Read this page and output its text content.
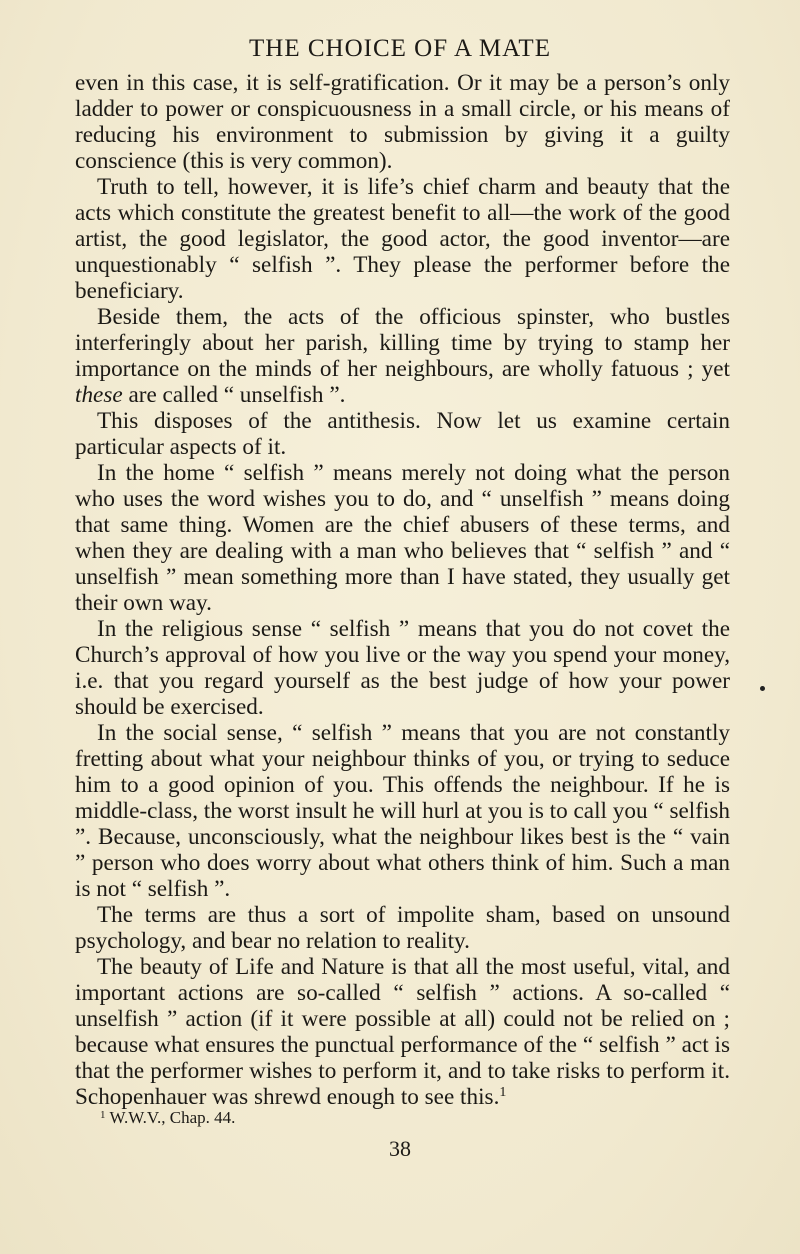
THE CHOICE OF A MATE

even in this case, it is self-gratification. Or it may be a person’s only ladder to power or conspicuousness in a small circle, or his means of reducing his environment to submission by giving it a guilty conscience (this is very common).

Truth to tell, however, it is life’s chief charm and beauty that the acts which constitute the greatest benefit to all—the work of the good artist, the good legislator, the good actor, the good inventor—are unquestionably “ selfish ”. They please the performer before the beneficiary.

Beside them, the acts of the officious spinster, who bustles interferingly about her parish, killing time by trying to stamp her importance on the minds of her neighbours, are wholly fatuous ; yet these are called “ unselfish ”.

This disposes of the antithesis. Now let us examine certain particular aspects of it.

In the home “ selfish ” means merely not doing what the person who uses the word wishes you to do, and “ unselfish ” means doing that same thing. Women are the chief abusers of these terms, and when they are dealing with a man who believes that “ selfish ” and “ unselfish ” mean something more than I have stated, they usually get their own way.

In the religious sense “ selfish ” means that you do not covet the Church’s approval of how you live or the way you spend your money, i.e. that you regard yourself as the best judge of how your power should be exercised.

In the social sense, “ selfish ” means that you are not constantly fretting about what your neighbour thinks of you, or trying to seduce him to a good opinion of you. This offends the neighbour. If he is middle-class, the worst insult he will hurl at you is to call you “ selfish ”. Because, unconsciously, what the neighbour likes best is the “ vain ” person who does worry about what others think of him. Such a man is not “ selfish ”.

The terms are thus a sort of impolite sham, based on unsound psychology, and bear no relation to reality.

The beauty of Life and Nature is that all the most useful, vital, and important actions are so-called “ selfish ” actions. A so-called “ unselfish ” action (if it were possible at all) could not be relied on ; because what ensures the punctual performance of the “ selfish ” act is that the performer wishes to perform it, and to take risks to perform it. Schopenhauer was shrewd enough to see this.$^1$

$^1$ W.W.V., Chap. 44.
38
